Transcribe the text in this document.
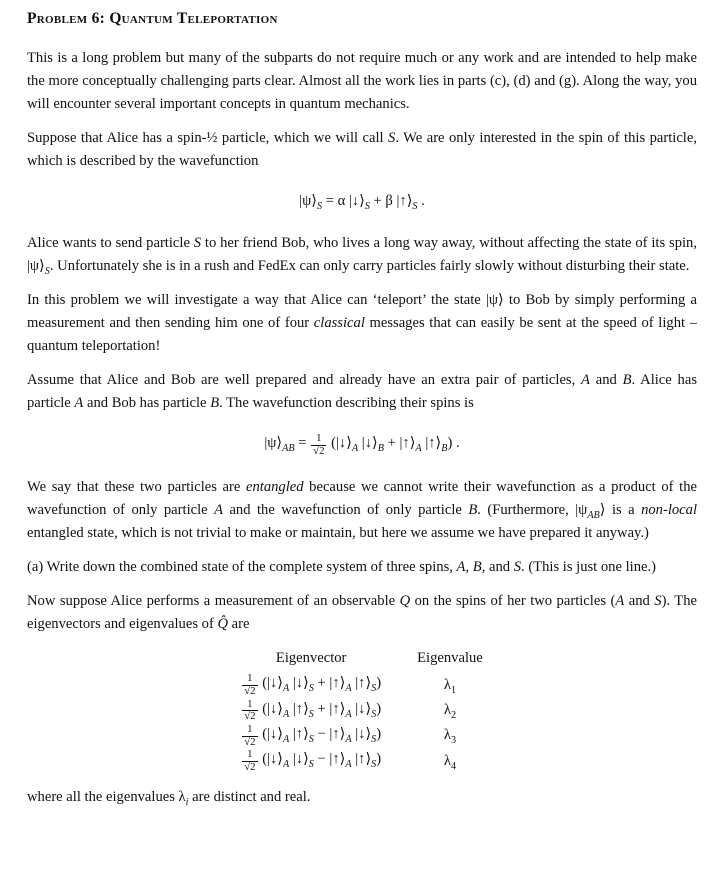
Problem 6: Quantum Teleportation

This is a long problem but many of the subparts do not require much or any work and are intended to help make the more conceptually challenging parts clear. Almost all the work lies in parts (c), (d) and (g). Along the way, you will encounter several important concepts in quantum mechanics.

Suppose that Alice has a spin-½ particle, which we will call S. We are only interested in the spin of this particle, which is described by the wavefunction

$|\psi⟩_S = \alpha$ $|↓⟩_S + \beta$ $|↑⟩_S$ .

Alice wants to send particle S to her friend Bob, who lives a long way away, without affecting the state of its spin, $|\psi⟩_S$. Unfortunately she is in a rush and FedEx can only carry particles fairly slowly without disturbing their state.

In this problem we will investigate a way that Alice can ‘teleport’ the state |ψ⟩ to Bob by simply performing a measurement and then sending him one of four classical messages that can easily be sent at the speed of light – quantum teleportation!

Assume that Alice and Bob are well prepared and already have an extra pair of particles, A and B. Alice has particle A and Bob has particle B. The wavefunction describing their spins is

$|\psi⟩_{AB} = \frac{1}{√2}$ ($|↓⟩_A$ $|↓⟩_B$ + $|↑⟩_A$ $|↑⟩_B$) .

We say that these two particles are entangled because we cannot write their wavefunction as a product of the wavefunction of only particle A and the wavefunction of only particle B. (Furthermore, $|\psi_{AB}⟩$ is a non-local entangled state, which is not trivial to make or maintain, but here we assume we have prepared it anyway.)

(a) Write down the combined state of the complete system of three spins, A, B, and S. (This is just one line.)

Now suppose Alice performs a measurement of an observable Q on the spins of her two particles (A and S). The eigenvectors and eigenvalues of Q̂ are

Eigenvector	Eigenvalue

$\frac{1}{√2}$ ($|↓⟩_A$ $|↓⟩_S$ + $|↑⟩_A$ $|↑⟩_S$)	$\lambda_1$

$\frac{1}{√2}$ ($|↓⟩_A$ $|↑⟩_S$ + $|↑⟩_A$ $|↓⟩_S$)	$\lambda_2$

$\frac{1}{√2}$ ($|↓⟩_A$ $|↑⟩_S$ − $|↑⟩_A$ $|↓⟩_S$)	$\lambda_3$

$\frac{1}{√2}$ ($|↓⟩_A$ $|↓⟩_S$ − $|↑⟩_A$ $|↑⟩_S$)	$\lambda_4$

where all the eigenvalues $\lambda_i$ are distinct and real.
